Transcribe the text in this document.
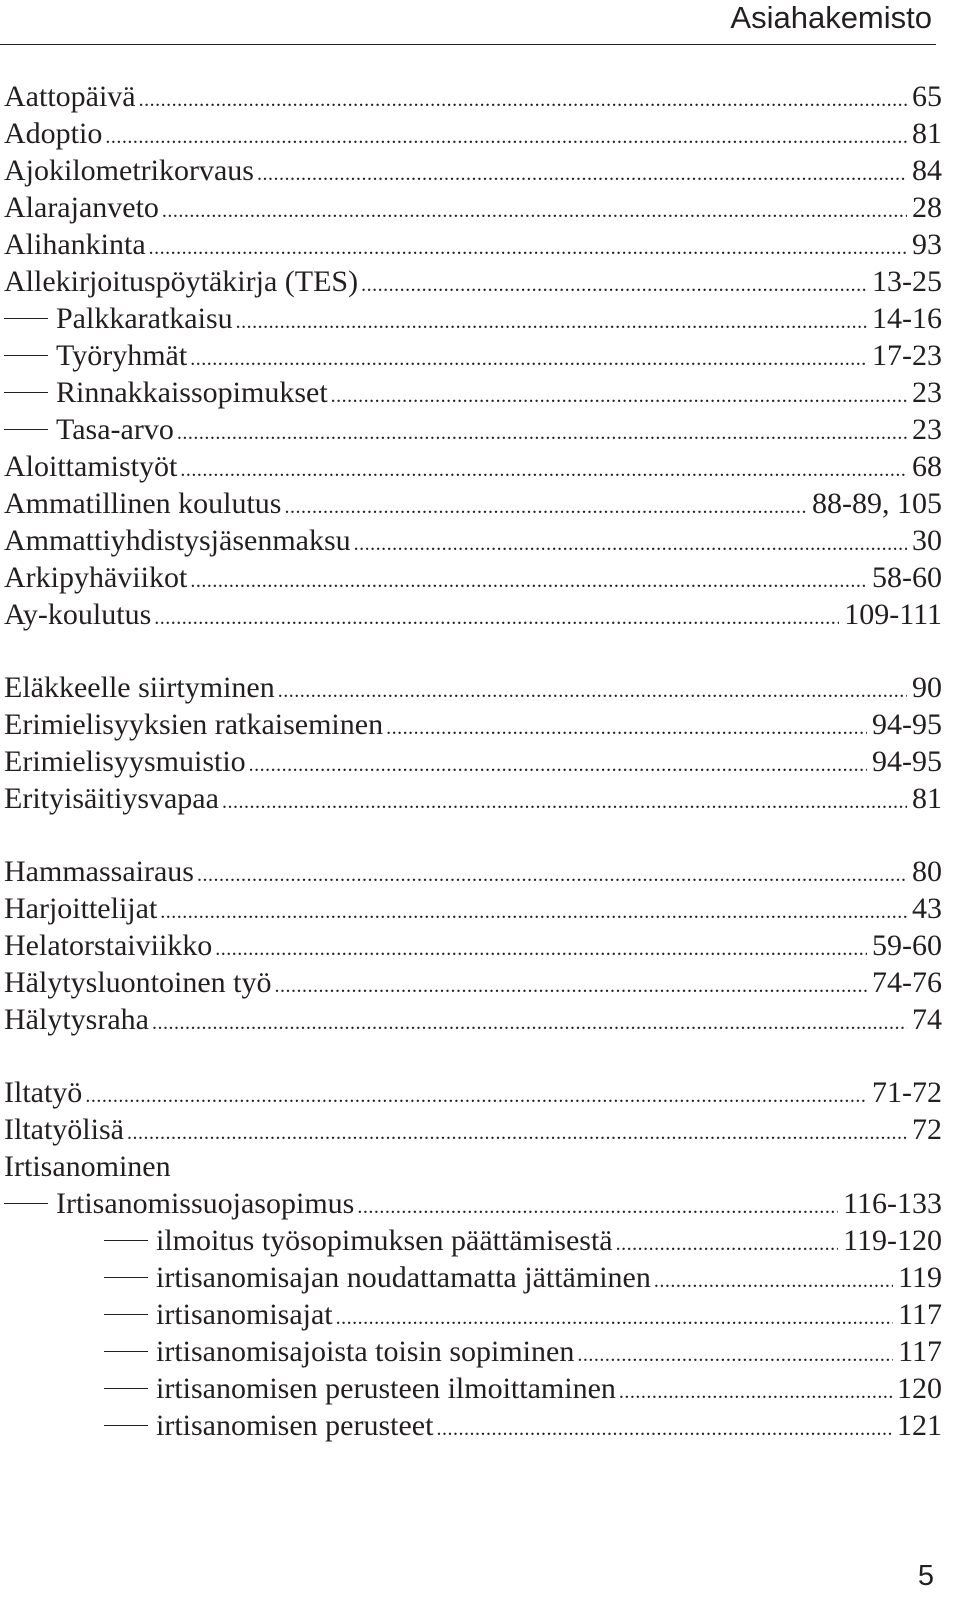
Asiahakemisto
Aattopäivä .....	65
Adoptio .....	81
Ajokilometrikorvaus .....	84
Alarajanveto .....	28
Alihankinta .....	93
Allekirjoituspöytäkirja (TES) .....	13-25
Palkkaratkaisu .....	14-16
Työryhmät .....	17-23
Rinnakkaissopimukset .....	23
Tasa-arvo .....	23
Aloittamistyöt .....	68
Ammatillinen koulutus .....	88-89, 105
Ammattiyhdistysjäsenmaksu .....	30
Arkipyhäviikot .....	58-60
Ay-koulutus .....	109-111
Eläkkeelle siirtyminen .....	90
Erimielisyyksien ratkaiseminen .....	94-95
Erimielisyysmuistio .....	94-95
Erityisäitiysvapaa .....	81
Hammassairaus .....	80
Harjoittelijat .....	43
Helatorstaiviikko .....	59-60
Hälytysluontoinen työ .....	74-76
Hälytysraha .....	74
Iltatyö .....	71-72
Iltatyölisä .....	72
Irtisanominen
Irtisanomissuojasopimus .....	116-133
ilmoitus työsopimuksen päättämisestä .....	119-120
irtisanomisajan noudattamatta jättäminen .....	119
irtisanomisajat .....	117
irtisanomisajoista toisin sopiminen .....	117
irtisanomisen perusteen ilmoittaminen .....	120
irtisanomisen perusteet .....	121
5
